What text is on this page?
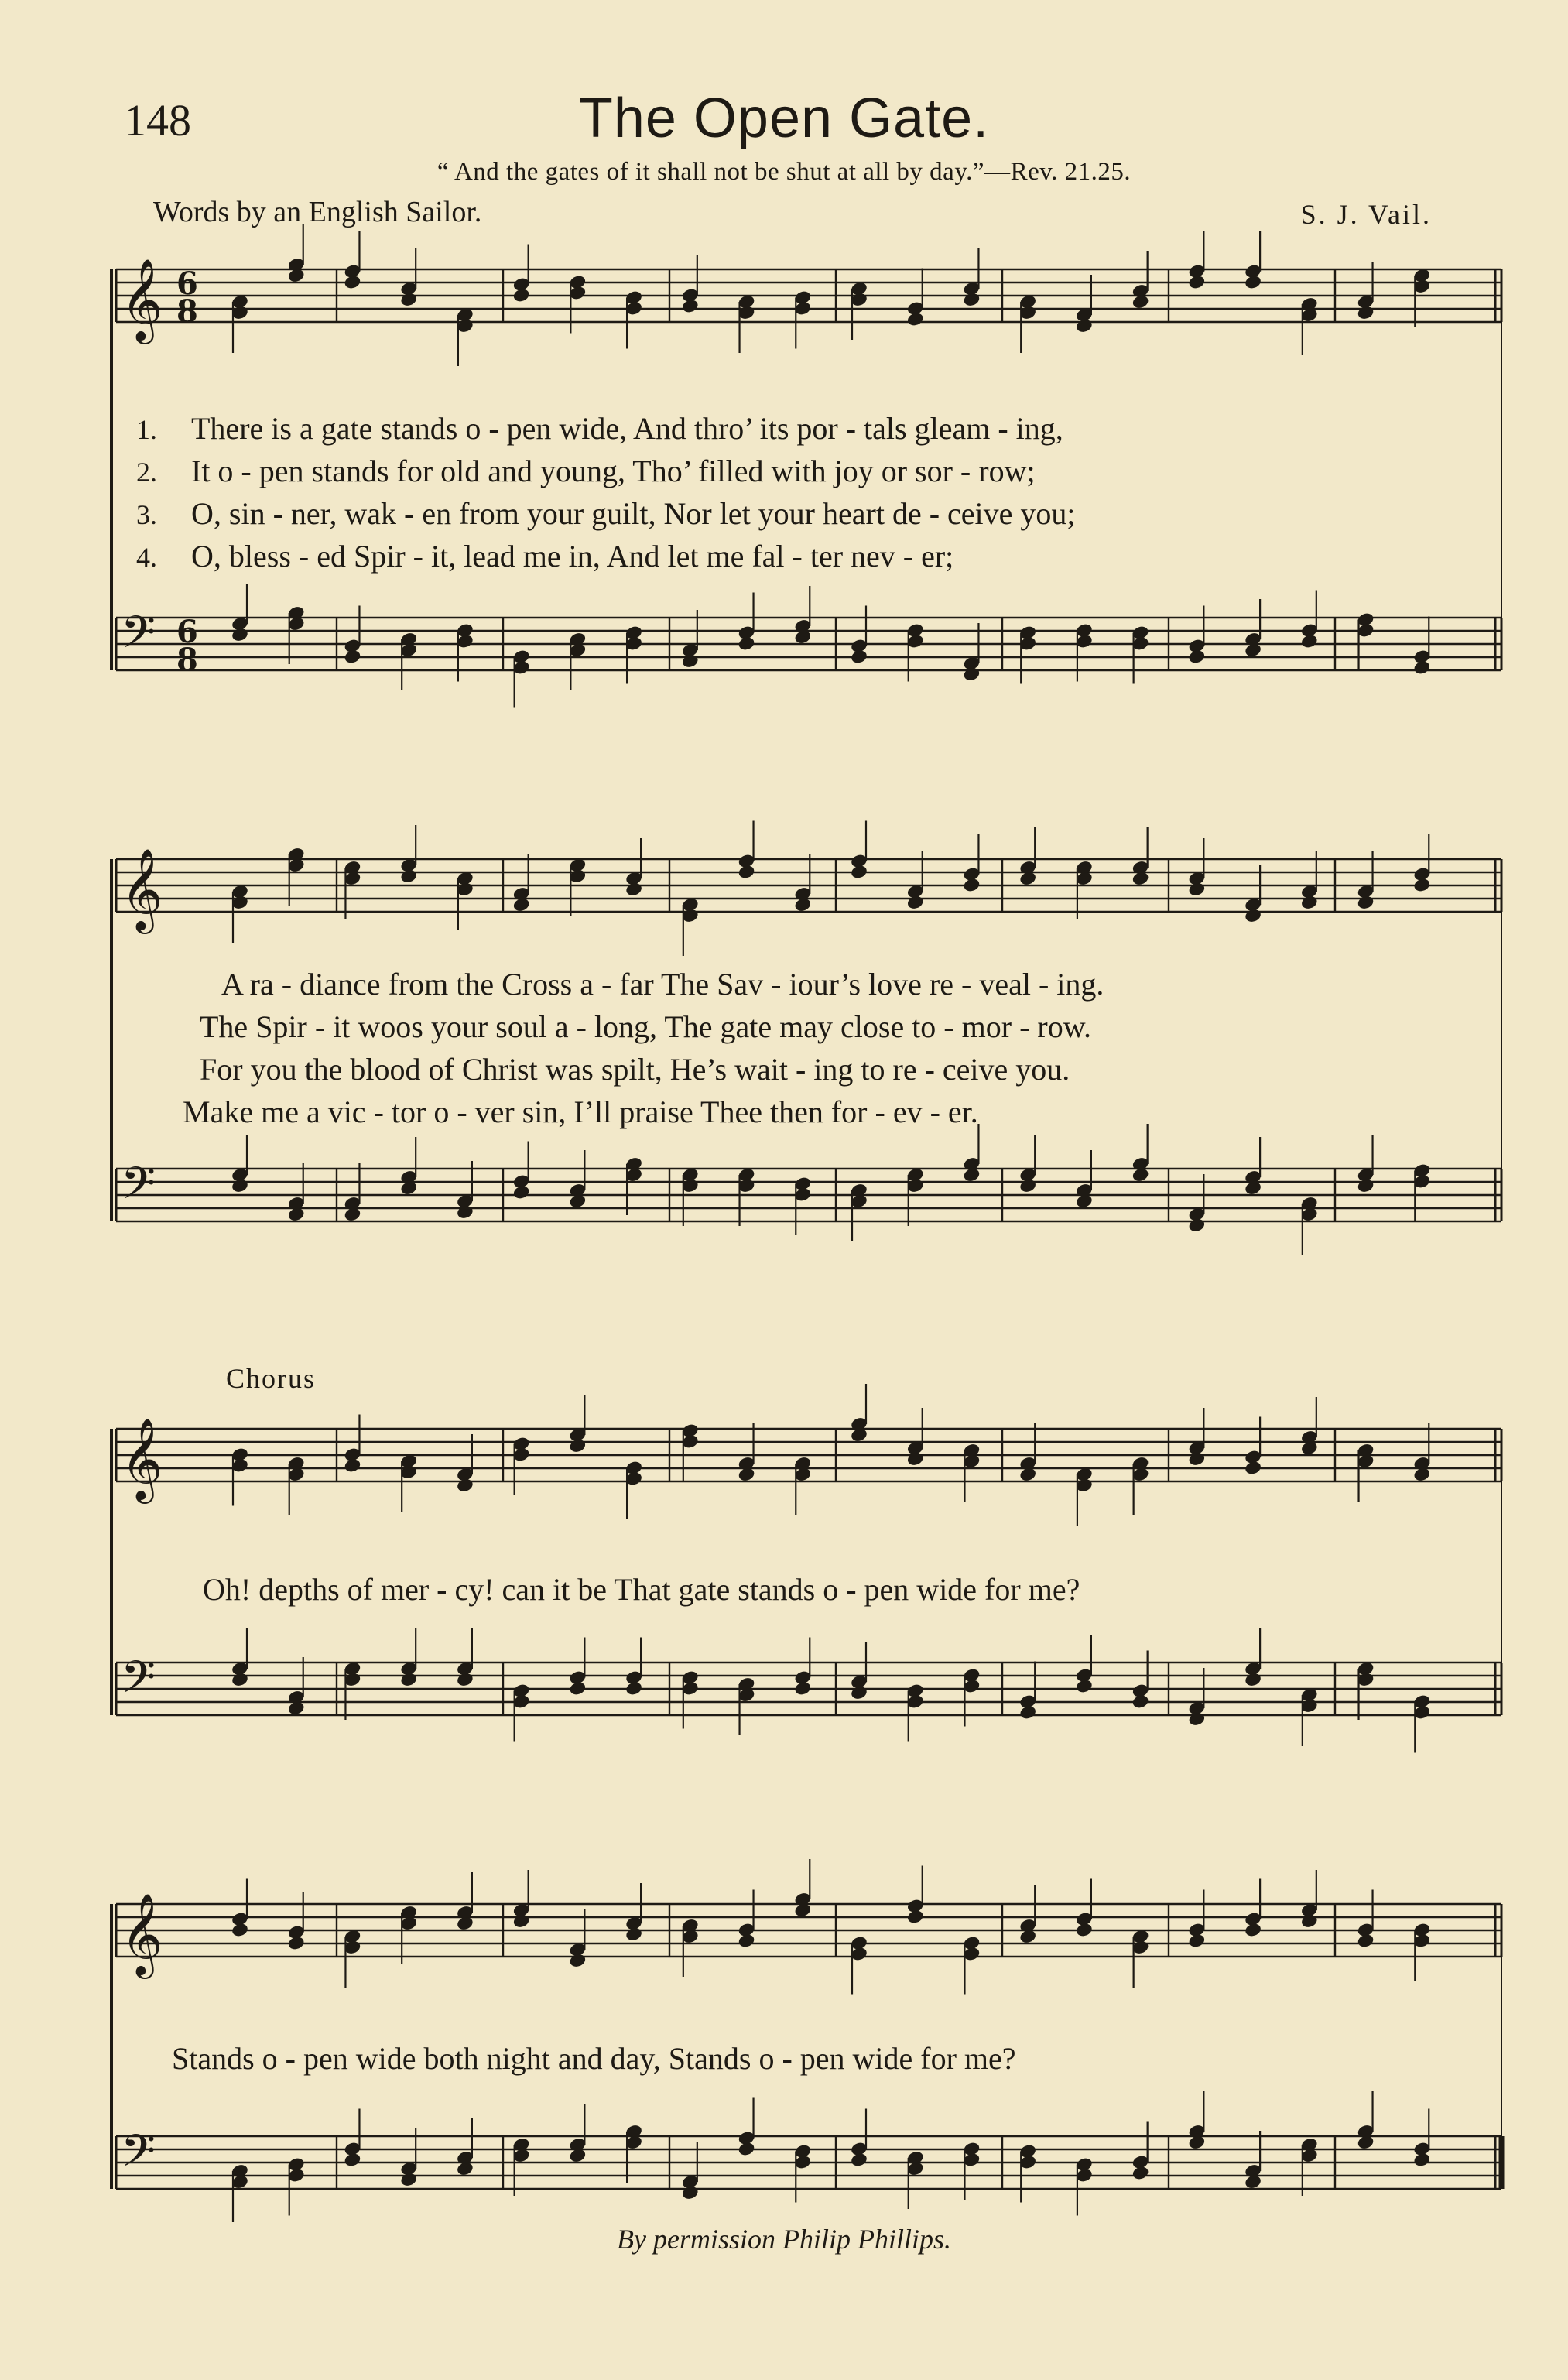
148	The Open Gate.
“ And the gates of it shall not be shut at all by day.”—Rev. 21.25.
Words by an English Sailor.	S. J. Vail.
𝄞 6
8
𝄢 6
8
𝄞
𝄢
𝄞
𝄢
𝄞
𝄢
1. There is a gate stands o - pen wide, And thro’ its por - tals gleam - ing,
2. It o - pen stands for old and young, Tho’ filled with joy or sor - row;
3. O, sin - ner, wak - en from your guilt, Nor let your heart de - ceive you;
4. O, bless - ed Spir - it, lead me in, And let me fal - ter nev - er;
A ra - diance from the Cross a - far The Sav - iour’s love re - veal - ing.
The Spir - it woos your soul a - long, The gate may close to - mor - row.
For you the blood of Christ was spilt, He’s wait - ing to re - ceive you.
Make me a vic - tor o - ver sin, I’ll praise Thee then for - ev - er.
Chorus
Oh! depths of mer - cy! can it be That gate stands o - pen wide for me?
Stands o - pen wide both night and day, Stands o - pen wide for me?
By permission Philip Phillips.
